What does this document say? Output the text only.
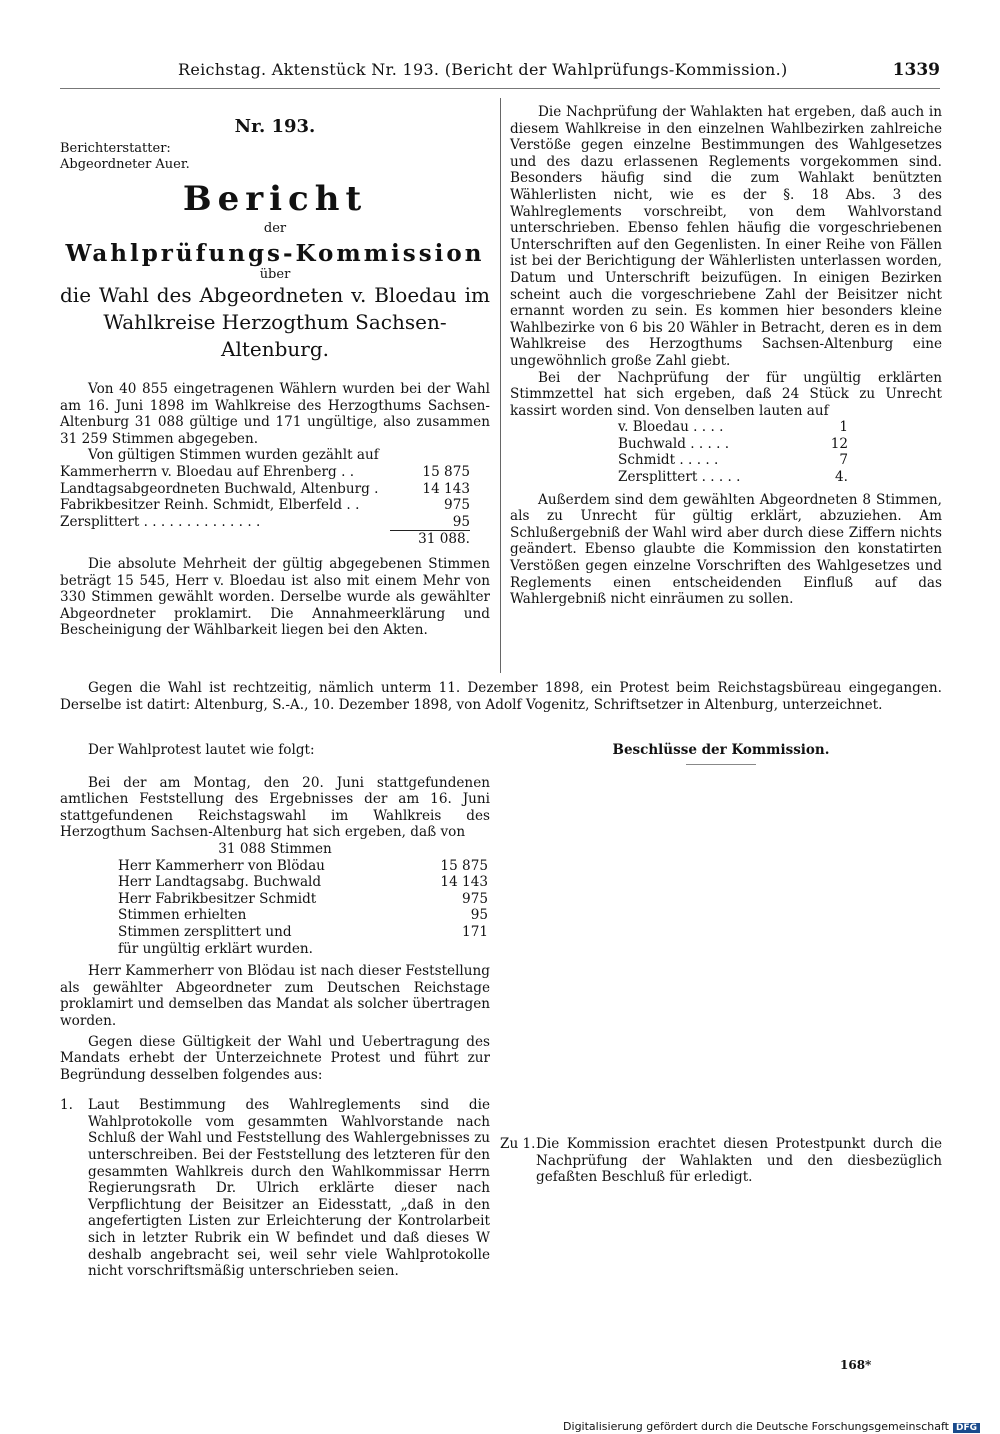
Reichstag. Aktenstück Nr. 193. (Bericht der Wahlprüfungs-Kommission.)	1339
Nr. 193.
Berichterstatter:
Abgeordneter Auer.
Bericht
der
Wahlprüfungs-Kommission
über
die Wahl des Abgeordneten v. Bloedau im
Wahlkreise Herzogthum Sachsen-Altenburg.

Von 40 855 eingetragenen Wählern wurden bei der Wahl am 16. Juni 1898 im Wahlkreise des Herzogthums Sachsen-Altenburg 31 088 gültige und 171 ungültige, also zusammen 31 259 Stimmen abgegeben.

Von gültigen Stimmen wurden gezählt auf

Kammerherrn v. Bloedau auf Ehrenberg . .	15 875
Landtagsabgeordneten Buchwald, Altenburg .	14 143
Fabrikbesitzer Reinh. Schmidt, Elberfeld . .	975
Zersplittert . . . . . . . . . . . . . .	95
	31 088.

Die absolute Mehrheit der gültig abgegebenen Stimmen beträgt 15 545, Herr v. Bloedau ist also mit einem Mehr von 330 Stimmen gewählt worden. Derselbe wurde als gewählter Abgeordneter proklamirt. Die Annahmeerklärung und Bescheinigung der Wählbarkeit liegen bei den Akten.

Die Nachprüfung der Wahlakten hat ergeben, daß auch in diesem Wahlkreise in den einzelnen Wahlbezirken zahlreiche Verstöße gegen einzelne Bestimmungen des Wahlgesetzes und des dazu erlassenen Reglements vorgekommen sind. Besonders häufig sind die zum Wahlakt benützten Wählerlisten nicht, wie es der §. 18 Abs. 3 des Wahlreglements vorschreibt, von dem Wahlvorstand unterschrieben. Ebenso fehlen häufig die vorgeschriebenen Unterschriften auf den Gegenlisten. In einer Reihe von Fällen ist bei der Berichtigung der Wählerlisten unterlassen worden, Datum und Unterschrift beizufügen. In einigen Bezirken scheint auch die vorgeschriebene Zahl der Beisitzer nicht ernannt worden zu sein. Es kommen hier besonders kleine Wahlbezirke von 6 bis 20 Wähler in Betracht, deren es in dem Wahlkreise des Herzogthums Sachsen-Altenburg eine ungewöhnlich große Zahl giebt.

Bei der Nachprüfung der für ungültig erklärten Stimmzettel hat sich ergeben, daß 24 Stück zu Unrecht kassirt worden sind. Von denselben lauten auf

v. Bloedau . . . .	1
Buchwald . . . . .	12
Schmidt . . . . .	7
Zersplittert . . . . .	4.

Außerdem sind dem gewählten Abgeordneten 8 Stimmen, als zu Unrecht für gültig erklärt, abzuziehen. Am Schlußergebniß der Wahl wird aber durch diese Ziffern nichts geändert. Ebenso glaubte die Kommission den konstatirten Verstößen gegen einzelne Vorschriften des Wahlgesetzes und Reglements einen entscheidenden Einfluß auf das Wahlergebniß nicht einräumen zu sollen.

Gegen die Wahl ist rechtzeitig, nämlich unterm 11. Dezember 1898, ein Protest beim Reichstagsbüreau eingegangen. Derselbe ist datirt: Altenburg, S.-A., 10. Dezember 1898, von Adolf Vogenitz, Schriftsetzer in Altenburg, unterzeichnet.

Der Wahlprotest lautet wie folgt:

Bei der am Montag, den 20. Juni stattgefundenen amtlichen Feststellung des Ergebnisses der am 16. Juni stattgefundenen Reichstagswahl im Wahlkreis des Herzogthum Sachsen-Altenburg hat sich ergeben, daß von

31 088 Stimmen

Herr Kammerherr von Blödau	15 875
Herr Landtagsabg. Buchwald	14 143
Herr Fabrikbesitzer Schmidt	975
Stimmen erhielten	95
Stimmen zersplittert und	171
für ungültig erklärt wurden.	

Herr Kammerherr von Blödau ist nach dieser Feststellung als gewählter Abgeordneter zum Deutschen Reichstage proklamirt und demselben das Mandat als solcher übertragen worden.

Gegen diese Gültigkeit der Wahl und Uebertragung des Mandats erhebt der Unterzeichnete Protest und führt zur Begründung desselben folgendes aus:

1.	Laut Bestimmung des Wahlreglements sind die Wahlprotokolle vom gesammten Wahlvorstande nach Schluß der Wahl und Feststellung des Wahlergebnisses zu unterschreiben. Bei der Feststellung des letzteren für den gesammten Wahlkreis durch den Wahlkommissar Herrn Regierungsrath Dr. Ulrich erklärte dieser nach Verpflichtung der Beisitzer an Eidesstatt, „daß in den angefertigten Listen zur Erleichterung der Kontrolarbeit sich in letzter Rubrik ein W befindet und daß dieses W deshalb angebracht sei, weil sehr viele Wahlprotokolle nicht vorschriftsmäßig unterschrieben seien.
Beschlüsse der Kommission.
Zu 1. Die Kommission erachtet diesen Protestpunkt durch die Nachprüfung der Wahlakten und den diesbezüglich gefaßten Beschluß für erledigt.
168*
Digitalisierung gefördert durch die Deutsche Forschungsgemeinschaft DFG
